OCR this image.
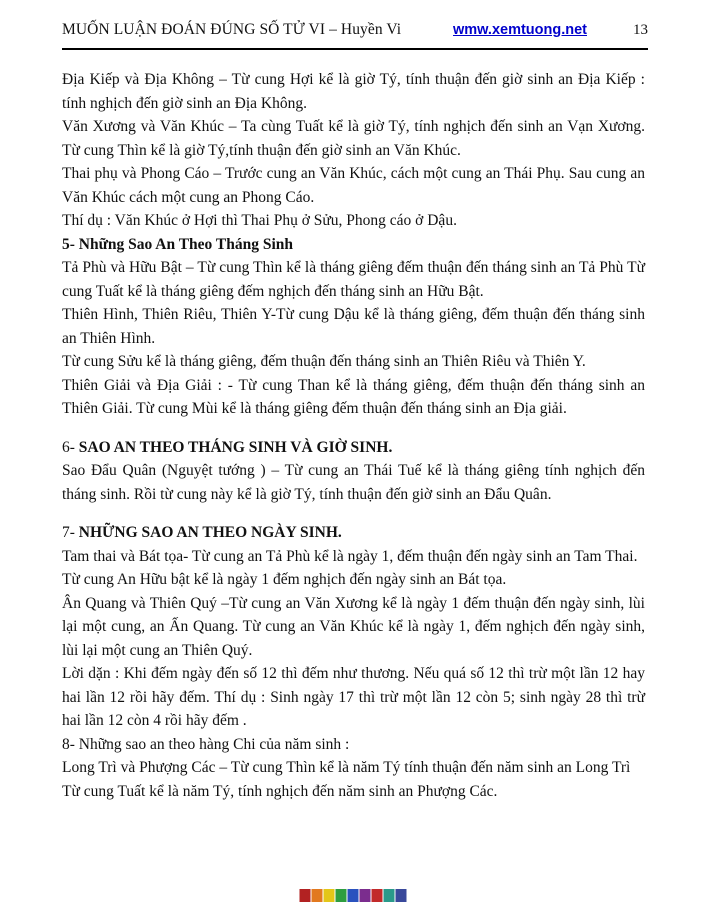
MUỐN LUẬN ĐOÁN ĐÚNG SỐ TỬ VI – Huyền Vi	wmw.xemtuong.net	13

Địa Kiếp và Địa Không – Từ cung Hợi kể là giờ Tý, tính thuận đến giờ sinh an Địa Kiếp : tính nghịch đến giờ sinh an Địa Không.

Văn Xương và Văn Khúc – Ta cùng Tuất kể là giờ Tý, tính nghịch đến sinh an Vạn Xương. Từ cung Thìn kể là giờ Tý,tính thuận đến giờ sinh an Văn Khúc.

Thai phụ và Phong Cáo – Trước cung an Văn Khúc, cách một cung an Thái Phụ. Sau cung an Văn Khúc cách một cung an Phong Cáo.

Thí dụ : Văn Khúc ở Hợi thì Thai Phụ ở Sửu, Phong cáo ở Dậu.

5- Những Sao An Theo Tháng Sinh

Tả Phù và Hữu Bật – Từ cung Thìn kể là tháng giêng đếm thuận đến tháng sinh an Tả Phù Từ cung Tuất kể là tháng giêng đếm nghịch đến tháng sinh an Hữu Bật.

Thiên Hình, Thiên Riêu, Thiên Y-Từ cung Dậu kể là tháng giêng, đếm thuận đến tháng sinh an Thiên Hình.

Từ cung Sửu kể là tháng giêng, đếm thuận đến tháng sinh an Thiên Riêu và Thiên Y.

Thiên Giải và Địa Giải : - Từ cung Than kể là tháng giêng, đếm thuận đến tháng sinh an Thiên Giải. Từ cung Mùi kể là tháng giêng đếm thuận đến tháng sinh an Địa giải.

6- SAO AN THEO THÁNG SINH VÀ GIỜ SINH.

Sao Đẩu Quân (Nguyệt tướng ) – Từ cung an Thái Tuế kể là tháng giêng tính nghịch đến tháng sinh. Rồi từ cung này kể là giờ Tý, tính thuận đến giờ sinh an Đẩu Quân.

7- NHỮNG SAO AN THEO NGÀY SINH.

Tam thai và Bát tọa- Từ cung an Tả Phù kể là ngày 1, đếm thuận đến ngày sinh an Tam Thai.

Từ cung An Hữu bật kể là ngày 1 đếm nghịch đến ngày sinh an Bát tọa.

Ân Quang và Thiên Quý –Từ cung an Văn Xương kể là ngày 1 đếm thuận đến ngày sinh, lùi lại một cung, an Ấn Quang. Từ cung an Văn Khúc kể là ngày 1, đếm nghịch đến ngày sinh, lùi lại một cung an Thiên Quý.

Lời dặn : Khi đếm ngày đến số 12 thì đếm như thương. Nếu quá số 12 thì trừ một lần 12 hay hai lần 12 rồi hãy đếm. Thí dụ : Sinh ngày 17 thì trừ một lần 12 còn 5; sinh ngày 28 thì trừ hai lần 12 còn 4 rồi hãy đếm .

8- Những sao an theo hàng Chi của năm sinh :

Long Trì và Phượng Các – Từ cung Thìn kể là năm Tý tính thuận đến năm sinh an Long Trì

Từ cung Tuất kể là năm Tý, tính nghịch đến năm sinh an Phượng Các.
